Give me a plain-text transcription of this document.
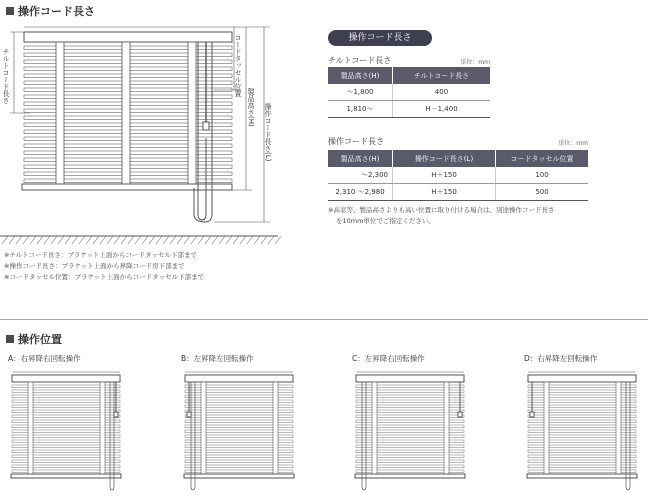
操作コード長さ
チルトコード長さ	コードタッセル位置
製品高さ(H) 操作コード長さ(L)
操作コード長さ
チルトコード長さ	単位：mm
製品高さ(H)	チルトコード長さ
〜1,800	400
1,810〜	H－1,400
操作コード長さ	単位：mm
製品高さ(H)	操作コード長さ(L)	コードタッセル位置
〜2,300	H＋150	100
2,310 〜2,980	H＋150	500
※高窓等、製品高さよりも高い位置に取り付ける場合は、別途操作コード長さ
を10mm単位でご指定ください。
※チルトコード長さ：ブラケット上面からコードタッセル下部まで
※操作コード長さ：ブラケット上面から昇降コード房下部まで
※コードタッセル位置：ブラケット上面からコードタッセル下部まで
操作位置
A：右昇降右回転操作	B：左昇降左回転操作	C：左昇降右回転操作	D：右昇降左回転操作
